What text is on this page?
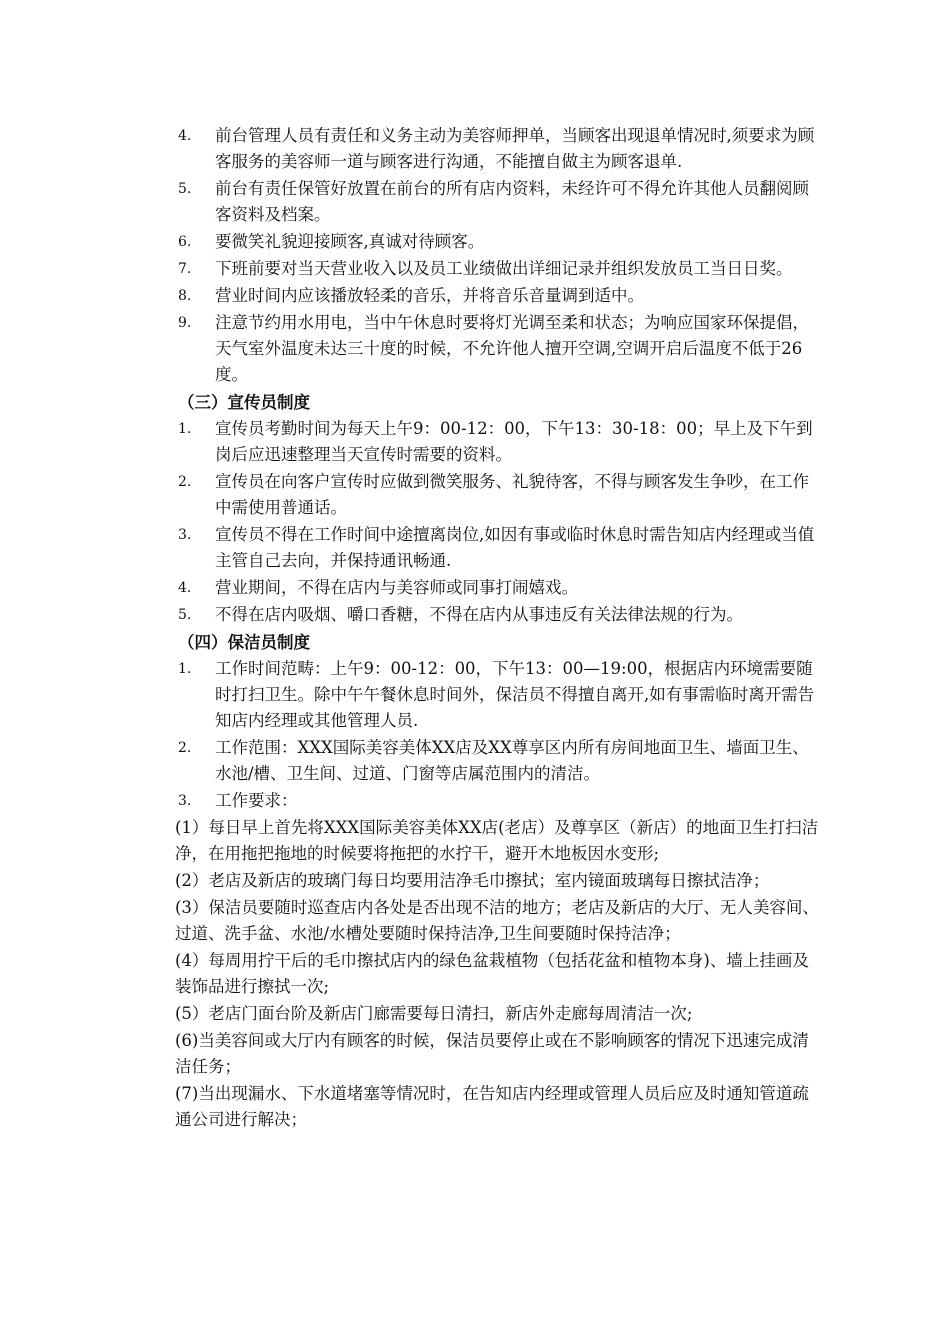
4.	前台管理人员有责任和义务主动为美容师押单，当顾客出现退单情况时,须要求为顾客服务的美容师一道与顾客进行沟通，不能擅自做主为顾客退单.
5.	前台有责任保管好放置在前台的所有店内资料，未经许可不得允许其他人员翻阅顾客资料及档案。
6.	要微笑礼貌迎接顾客,真诚对待顾客。
7.	下班前要对当天营业收入以及员工业绩做出详细记录并组织发放员工当日日奖。
8.	营业时间内应该播放轻柔的音乐，并将音乐音量调到适中。
9.	注意节约用水用电，当中午休息时要将灯光调至柔和状态；为响应国家环保提倡，天气室外温度未达三十度的时候，不允许他人擅开空调,空调开启后温度不低于26度。
（三）宣传员制度
1.	宣传员考勤时间为每天上午9：00-12：00，下午13：30-18：00；早上及下午到岗后应迅速整理当天宣传时需要的资料。
2.	宣传员在向客户宣传时应做到微笑服务、礼貌待客，不得与顾客发生争吵，在工作中需使用普通话。
3.	宣传员不得在工作时间中途擅离岗位,如因有事或临时休息时需告知店内经理或当值主管自己去向，并保持通讯畅通.
4.	营业期间，不得在店内与美容师或同事打闹嬉戏。
5.	不得在店内吸烟、嚼口香糖，不得在店内从事违反有关法律法规的行为。
（四）保洁员制度
1.	工作时间范畴：上午9：00-12：00，下午13：00—19:00，根据店内环境需要随时打扫卫生。除中午午餐休息时间外，保洁员不得擅自离开,如有事需临时离开需告知店内经理或其他管理人员.
2.	工作范围：XXX国际美容美体XX店及XX尊享区内所有房间地面卫生、墙面卫生、水池/槽、卫生间、过道、门窗等店属范围内的清洁。
3.	工作要求：
(1）每日早上首先将XXX国际美容美体XX店(老店）及尊享区（新店）的地面卫生打扫洁净，在用拖把拖地的时候要将拖把的水拧干，避开木地板因水变形;
(2）老店及新店的玻璃门每日均要用洁净毛巾擦拭；室内镜面玻璃每日擦拭洁净；
(3）保洁员要随时巡查店内各处是否出现不洁的地方；老店及新店的大厅、无人美容间、过道、洗手盆、水池/水槽处要随时保持洁净,卫生间要随时保持洁净；
(4）每周用拧干后的毛巾擦拭店内的绿色盆栽植物（包括花盆和植物本身)、墙上挂画及装饰品进行擦拭一次;
(5）老店门面台阶及新店门廊需要每日清扫，新店外走廊每周清洁一次;
(6)当美容间或大厅内有顾客的时候，保洁员要停止或在不影响顾客的情况下迅速完成清洁任务；
(7)当出现漏水、下水道堵塞等情况时，在告知店内经理或管理人员后应及时通知管道疏通公司进行解决；
